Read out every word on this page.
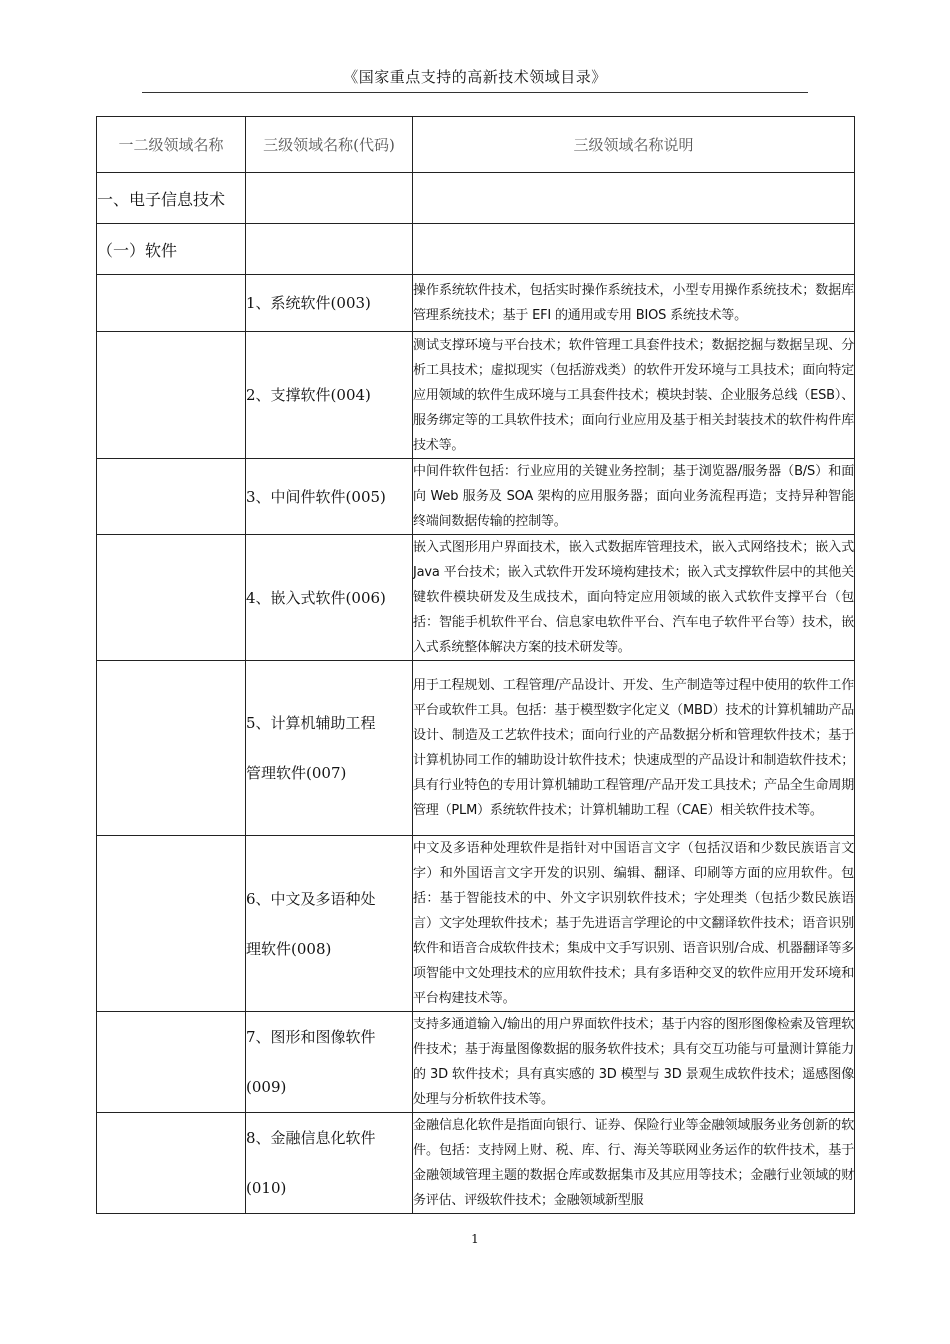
《国家重点支持的高新技术领域目录》
一二级领域名称	三级领域名称(代码)	三级领域名称说明
一、电子信息技术		
（一）软件		

	1、系统软件(003)	操作系统软件技术，包括实时操作系统技术，小型专用操作系统技术；数据库管理系统技术；基于 EFI 的通用或专用 BIOS 系统技术等。

	2、支撑软件(004)	测试支撑环境与平台技术；软件管理工具套件技术；数据挖掘与数据呈现、分析工具技术；虚拟现实（包括游戏类）的软件开发环境与工具技术；面向特定应用领域的软件生成环境与工具套件技术；模块封装、企业服务总线（ESB）、服务绑定等的工具软件技术；面向行业应用及基于相关封装技术的软件构件库技术等。

	3、中间件软件(005)	中间件软件包括：行业应用的关键业务控制；基于浏览器/服务器（B/S）和面向 Web 服务及 SOA 架构的应用服务器；面向业务流程再造；支持异种智能终端间数据传输的控制等。

	4、嵌入式软件(006)	嵌入式图形用户界面技术，嵌入式数据库管理技术，嵌入式网络技术；嵌入式 Java 平台技术；嵌入式软件开发环境构建技术；嵌入式支撑软件层中的其他关键软件模块研发及生成技术，面向特定应用领域的嵌入式软件支撑平台（包括：智能手机软件平台、信息家电软件平台、汽车电子软件平台等）技术，嵌入式系统整体解决方案的技术研发等。

	5、计算机辅助工程
管理软件(007)	用于工程规划、工程管理/产品设计、开发、生产制造等过程中使用的软件工作平台或软件工具。包括：基于模型数字化定义（MBD）技术的计算机辅助产品设计、制造及工艺软件技术；面向行业的产品数据分析和管理软件技术；基于计算机协同工作的辅助设计软件技术；快速成型的产品设计和制造软件技术；具有行业特色的专用计算机辅助工程管理/产品开发工具技术；产品全生命周期管理（PLM）系统软件技术；计算机辅助工程（CAE）相关软件技术等。

	6、中文及多语种处
理软件(008)	中文及多语种处理软件是指针对中国语言文字（包括汉语和少数民族语言文字）和外国语言文字开发的识别、编辑、翻译、印刷等方面的应用软件。包括：基于智能技术的中、外文字识别软件技术；字处理类（包括少数民族语言）文字处理软件技术；基于先进语言学理论的中文翻译软件技术；语音识别软件和语音合成软件技术；集成中文手写识别、语音识别/合成、机器翻译等多项智能中文处理技术的应用软件技术；具有多语种交叉的软件应用开发环境和平台构建技术等。

	7、图形和图像软件
(009)	支持多通道输入/输出的用户界面软件技术；基于内容的图形图像检索及管理软件技术；基于海量图像数据的服务软件技术；具有交互功能与可量测计算能力的 3D 软件技术；具有真实感的 3D 模型与 3D 景观生成软件技术；遥感图像处理与分析软件技术等。

	8、金融信息化软件
(010)	金融信息化软件是指面向银行、证券、保险行业等金融领域服务业务创新的软件。包括：支持网上财、税、库、行、海关等联网业务运作的软件技术，基于金融领域管理主题的数据仓库或数据集市及其应用等技术；金融行业领域的财务评估、评级软件技术；金融领域新型服
1
